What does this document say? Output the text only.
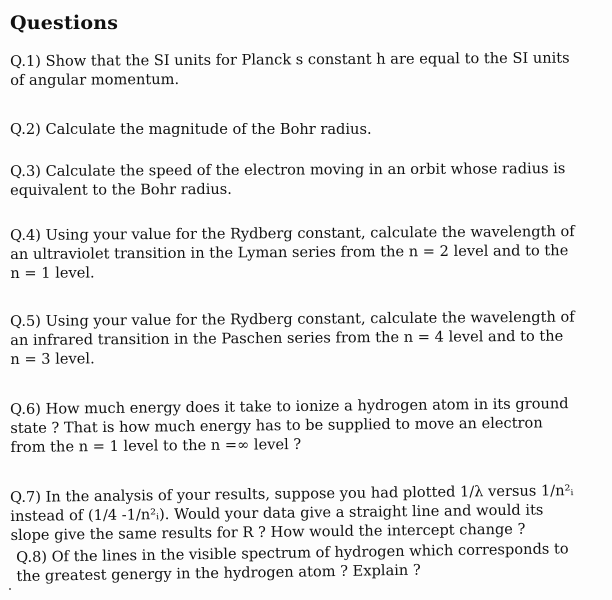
Questions

Q.1) Show that the SI units for Planck s constant h are equal to the SI units
of angular momentum.

Q.2) Calculate the magnitude of the Bohr radius.

Q.3) Calculate the speed of the electron moving in an orbit whose radius is
equivalent to the Bohr radius.

Q.4) Using your value for the Rydberg constant, calculate the wavelength of
an ultraviolet transition in the Lyman series from the n = 2 level and to the
n = 1 level.

Q.5) Using your value for the Rydberg constant, calculate the wavelength of
an infrared transition in the Paschen series from the n = 4 level and to the
n = 3 level.

Q.6) How much energy does it take to ionize a hydrogen atom in its ground
state ? That is how much energy has to be supplied to move an electron
from the n = 1 level to the n =∞ level ?

Q.7) In the analysis of your results, suppose you had plotted 1/λ versus 1/n²ᵢ
instead of (1/4 -1/n²ᵢ). Would your data give a straight line and would its
slope give the same results for R ? How would the intercept change ?

Q.8) Of the lines in the visible spectrum of hydrogen which corresponds to
the greatest genergy in the hydrogen atom ? Explain ?
